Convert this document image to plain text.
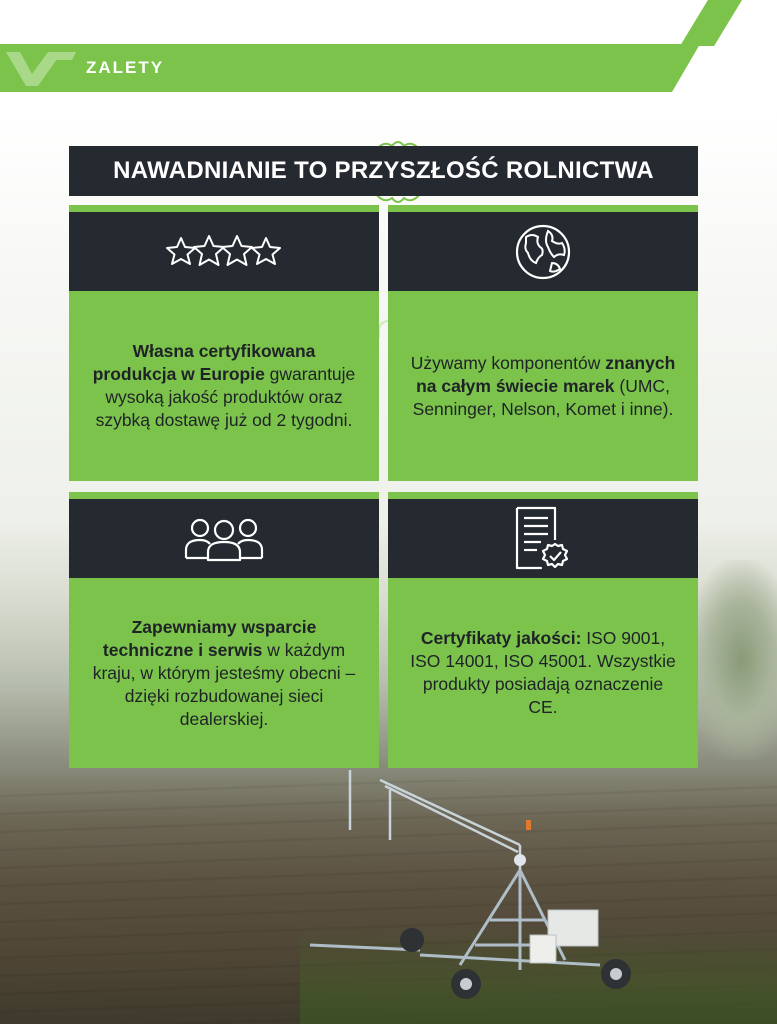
ZALETY
NAWADNIANIE TO PRZYSZŁOŚĆ ROLNICTWA

Własna certyfikowana produkcja w Europie gwarantuje wysoką jakość produktów oraz szybką dostawę już od 2 tygodni.

Używamy komponentów znanych na całym świecie marek (UMC, Senninger, Nelson, Komet i inne).

Zapewniamy wsparcie techniczne i serwis w każdym kraju, w którym jesteśmy obecni – dzięki rozbudowanej sieci dealerskiej.

Certyfikaty jakości: ISO 9001, ISO 14001, ISO 45001. Wszystkie produkty posiadają oznaczenie CE.
